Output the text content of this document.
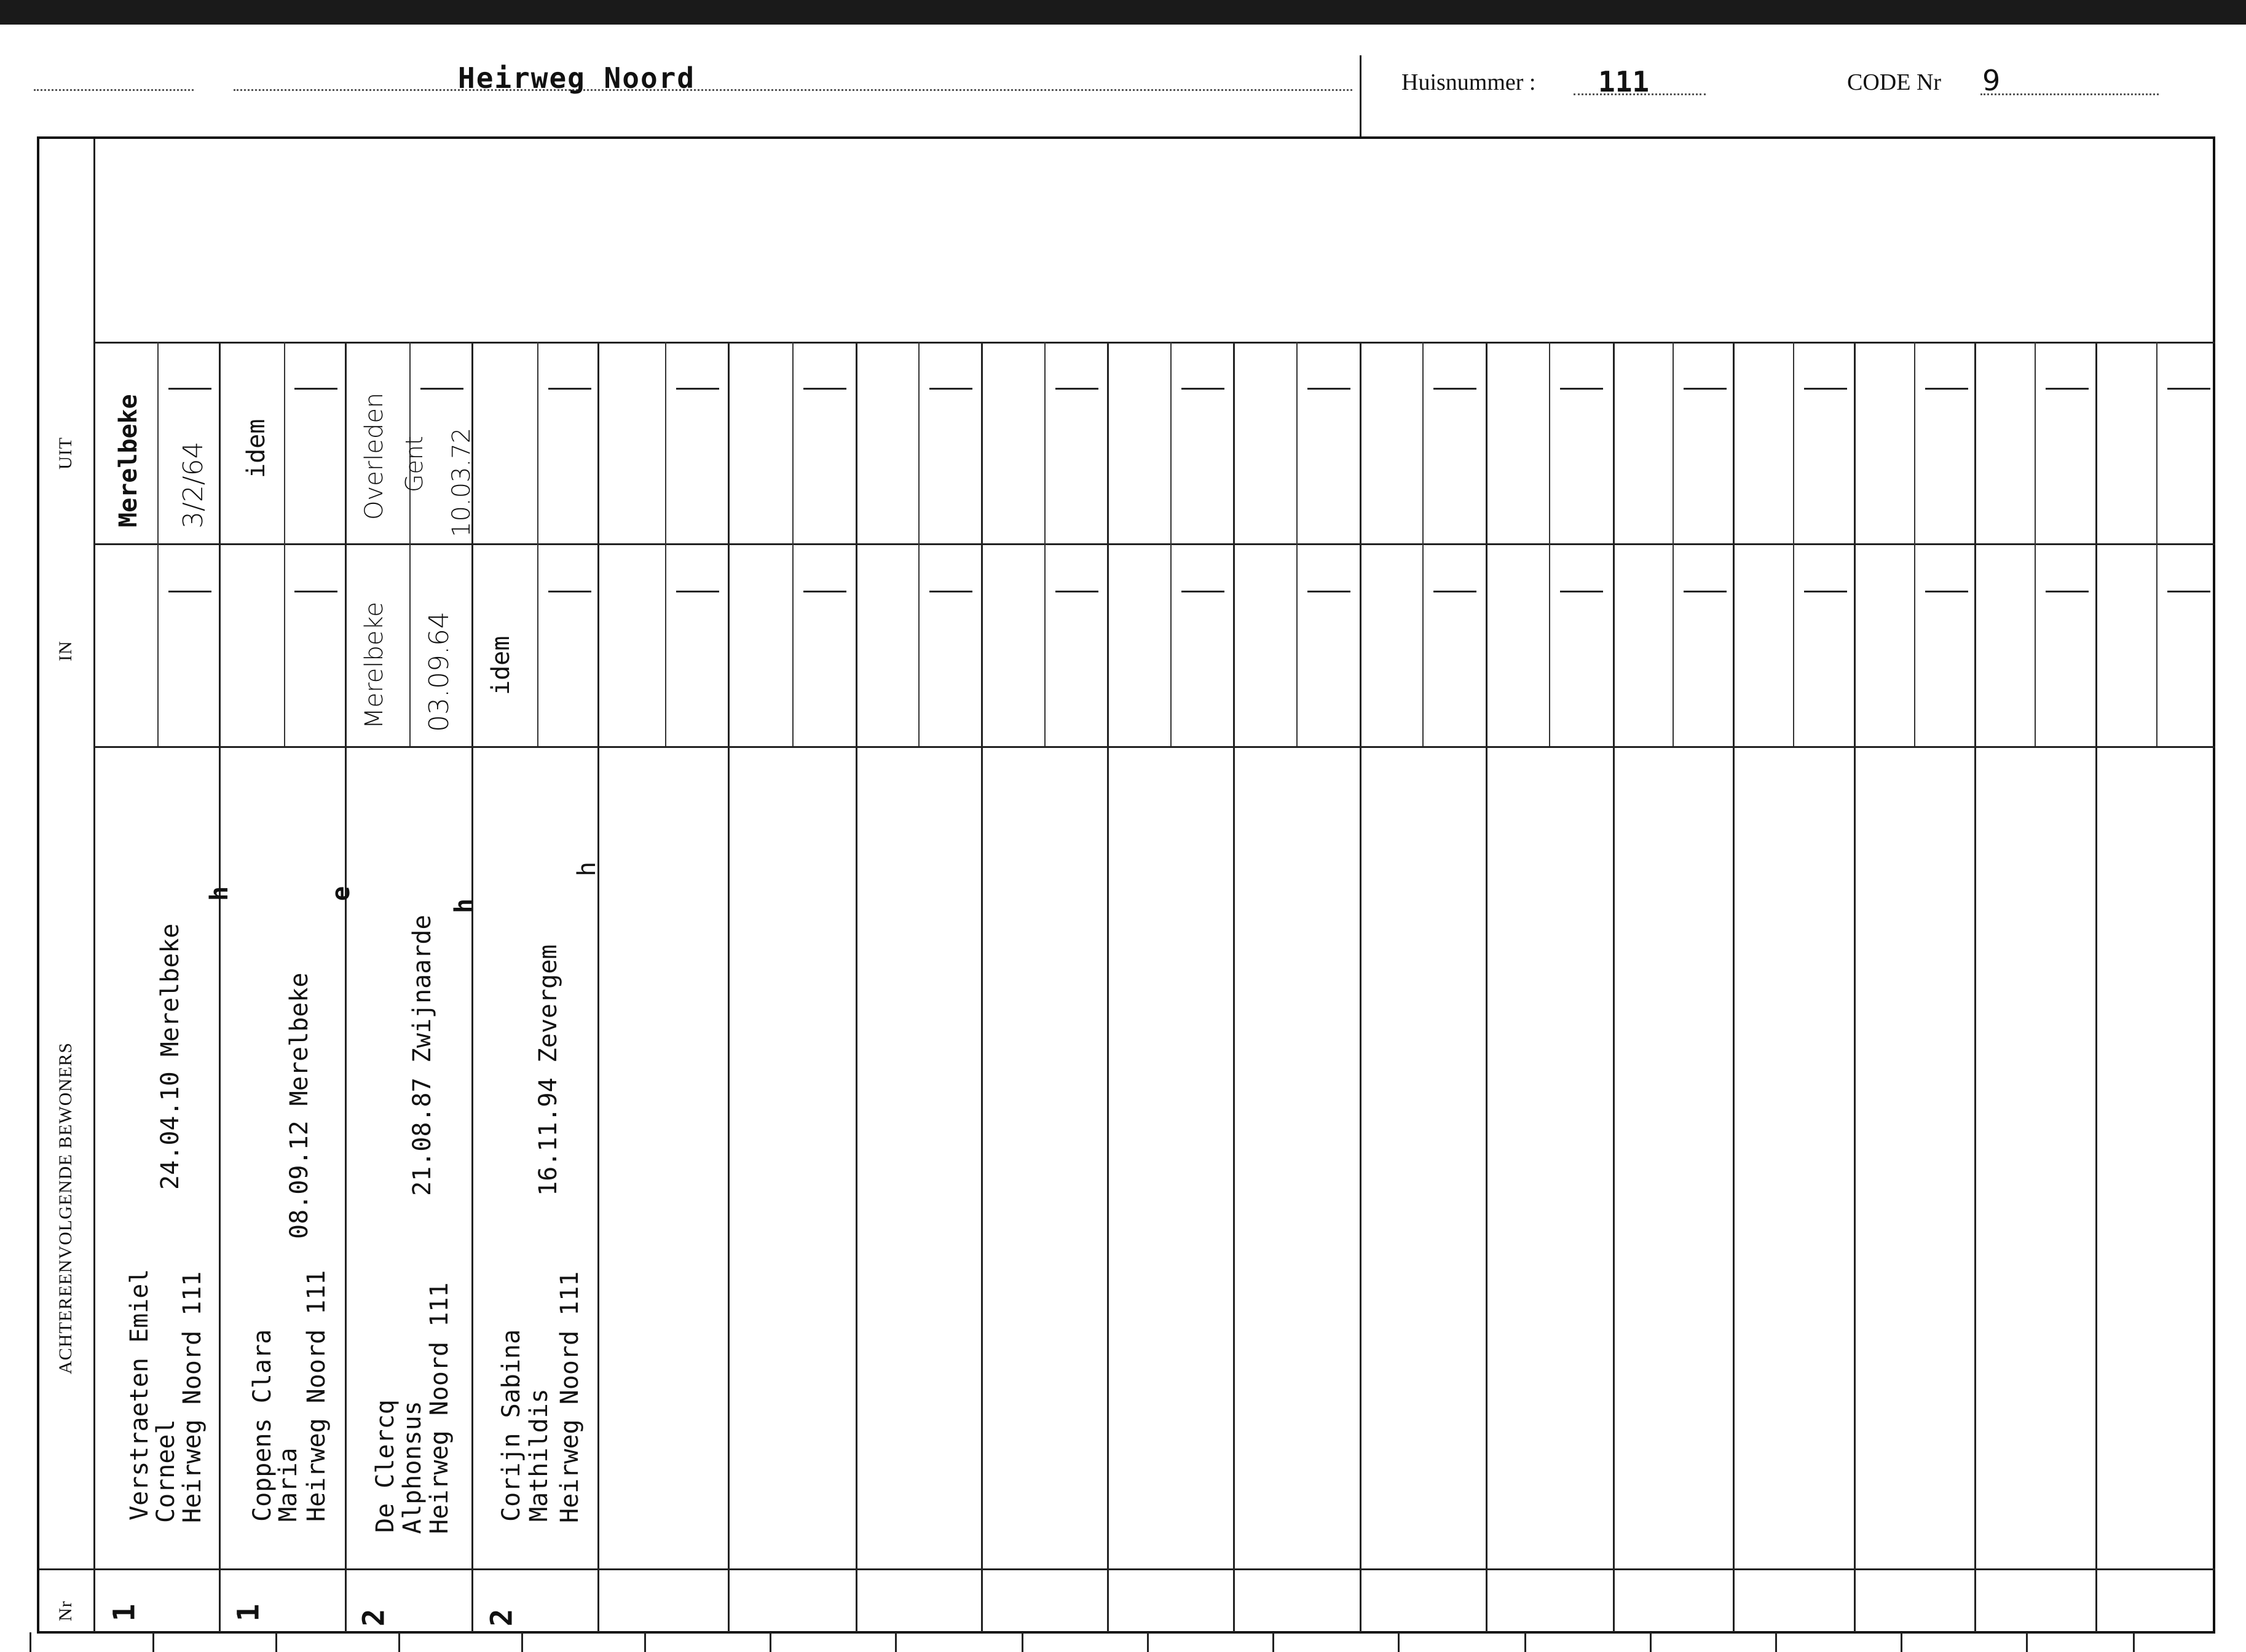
Heirweg Noord	Huisnummer : 111	CODE Nr 9
UIT
IN
ACHTEREENVOLGENDE BEWONERS
Nr
Merelbeke 3/2/64
Verstraeten Emiel
Corneel
Heirweg Noord 111
24.04.10 Merelbeke
h
1
idem
Coppens Clara
Maria Heirweg Noord 111
08.09.12 Merelbeke
e
1
Overleden Gent 10.03.72
Merelbeke 03.09.64
De Clercq
Alphonsus
Heirweg Noord 111
21.08.87 Zwijnaarde
h
2
idem
Corijn Sabina Mathildis Heirweg Noord 111
16.11.94 Zevergem
h
2
